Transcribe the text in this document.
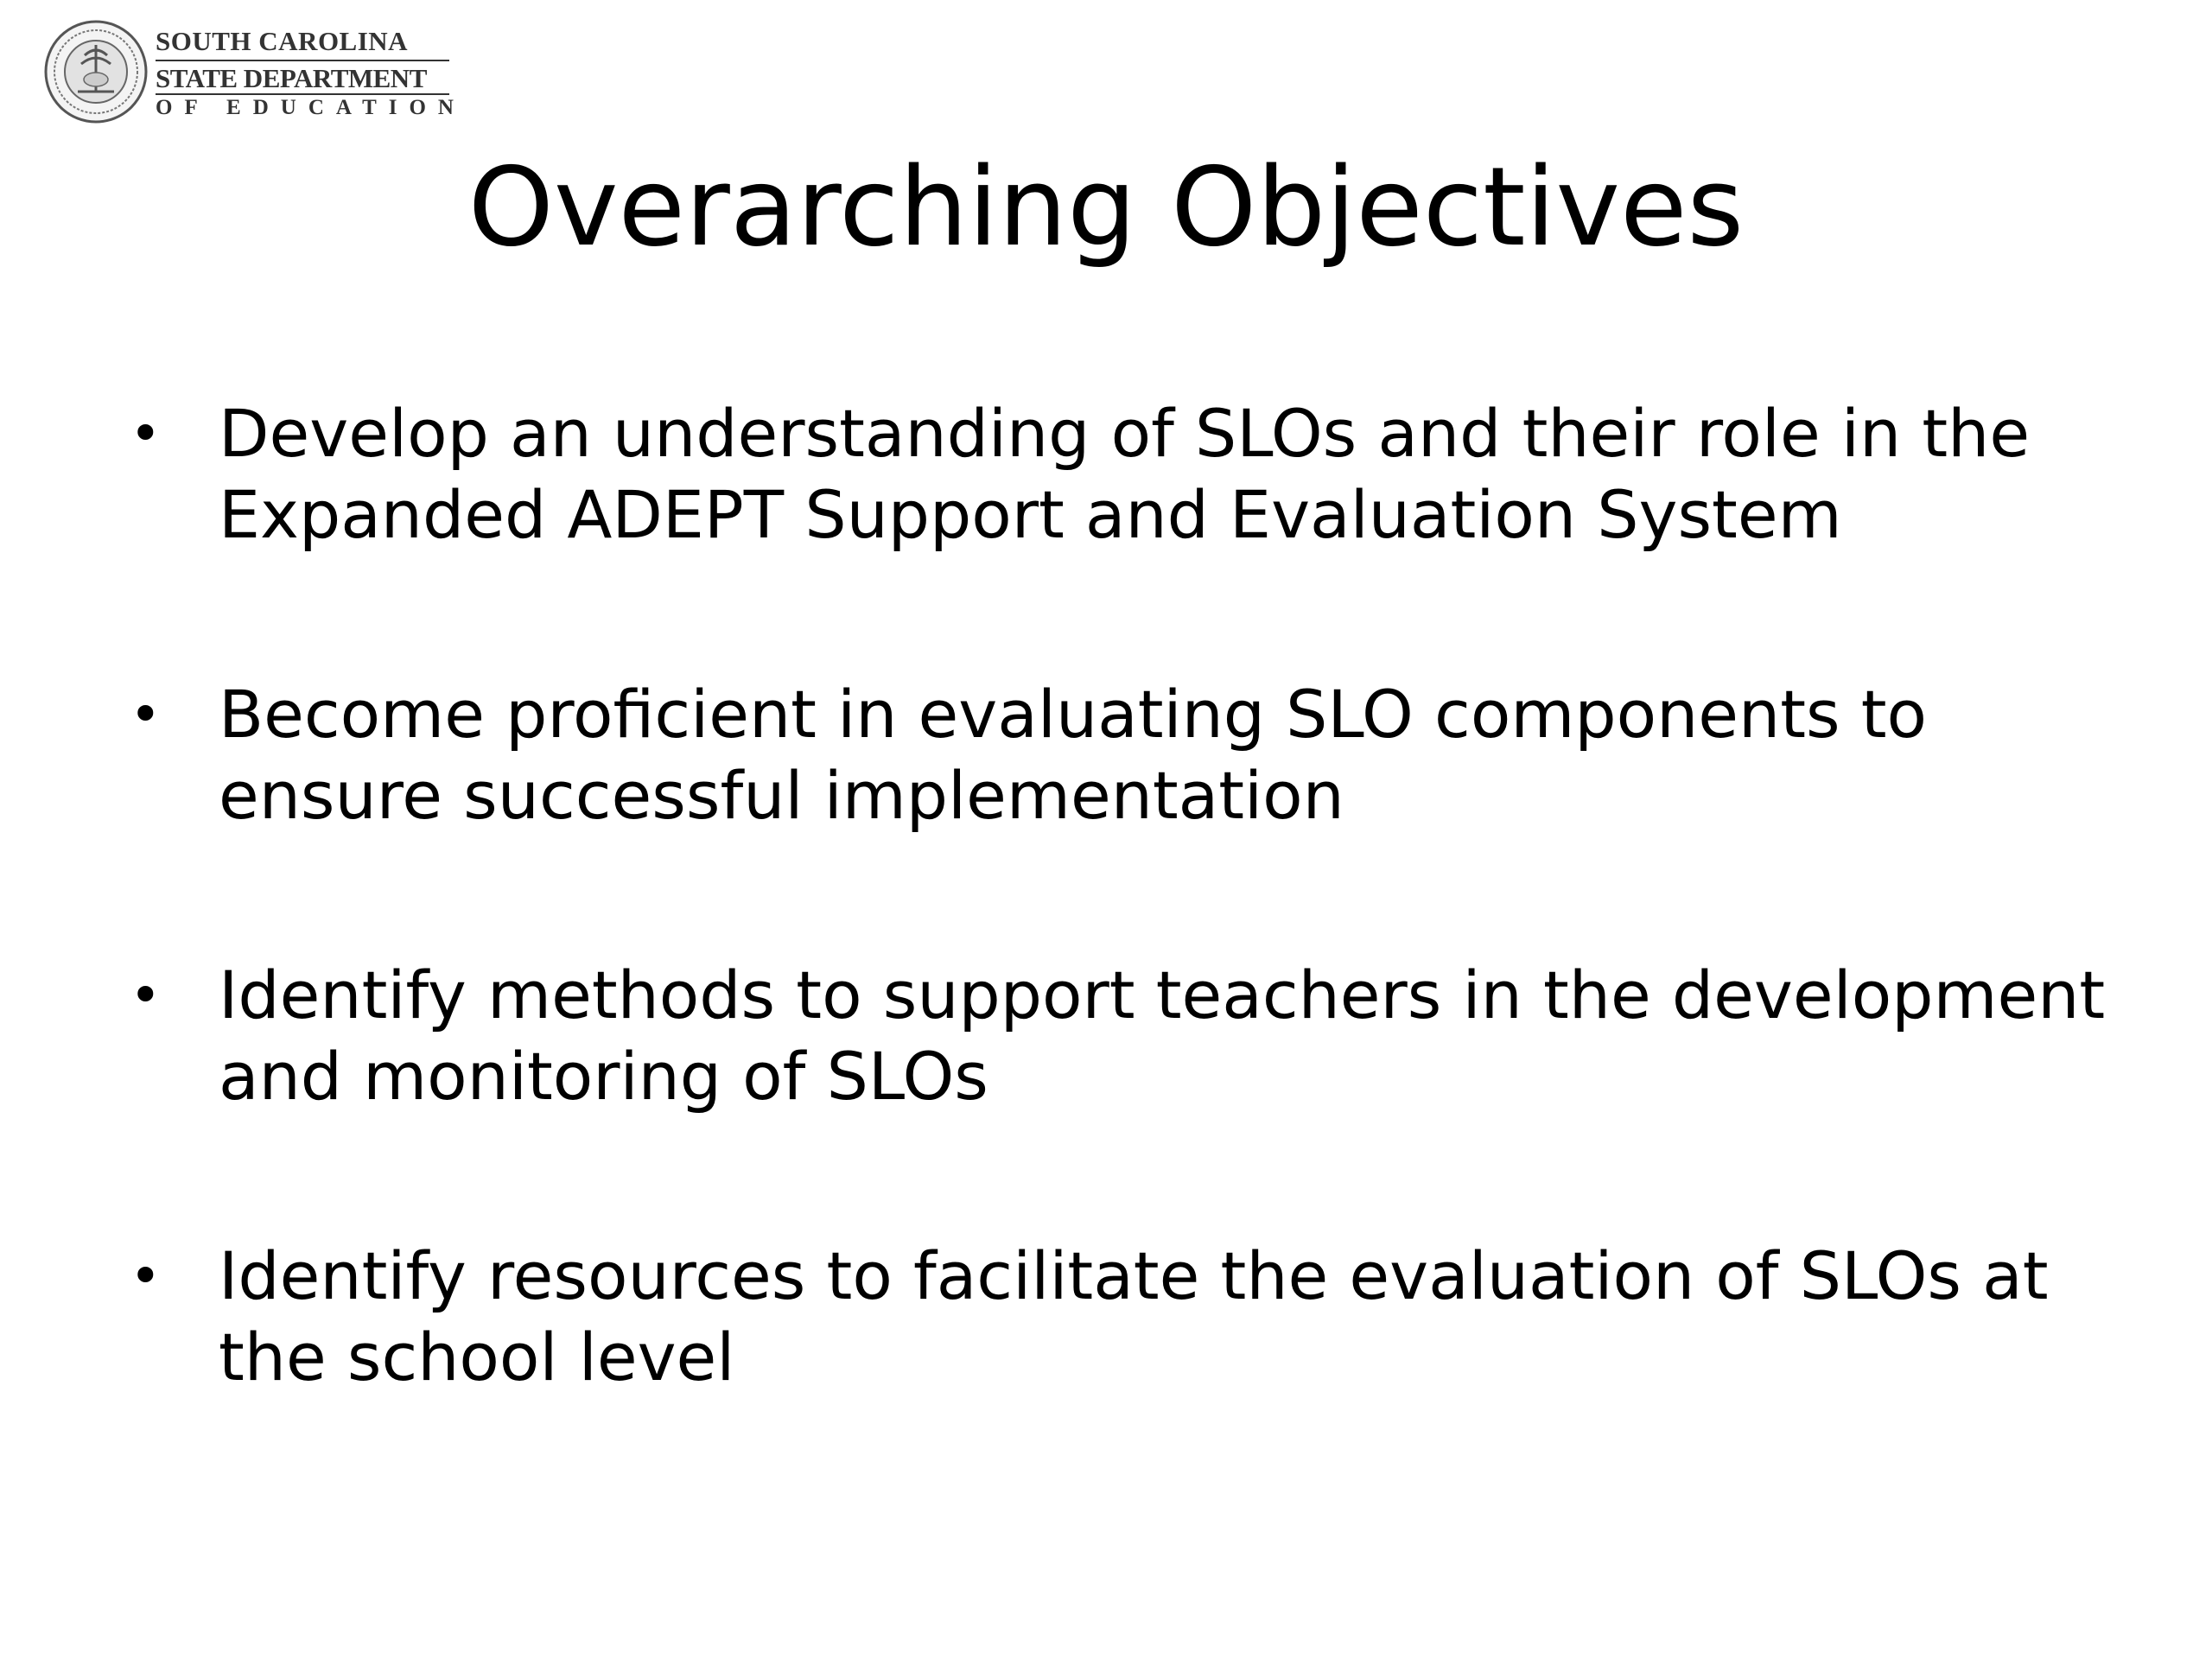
SOUTH CAROLINA
STATE DEPARTMENT
OF EDUCATION
Overarching Objectives
• Develop an understanding of SLOs and their role in the Expanded ADEPT Support and Evaluation System
• Become proficient in evaluating SLO components to ensure successful implementation
• Identify methods to support teachers in the development and monitoring of SLOs
• Identify resources to facilitate the evaluation of SLOs at the school level
